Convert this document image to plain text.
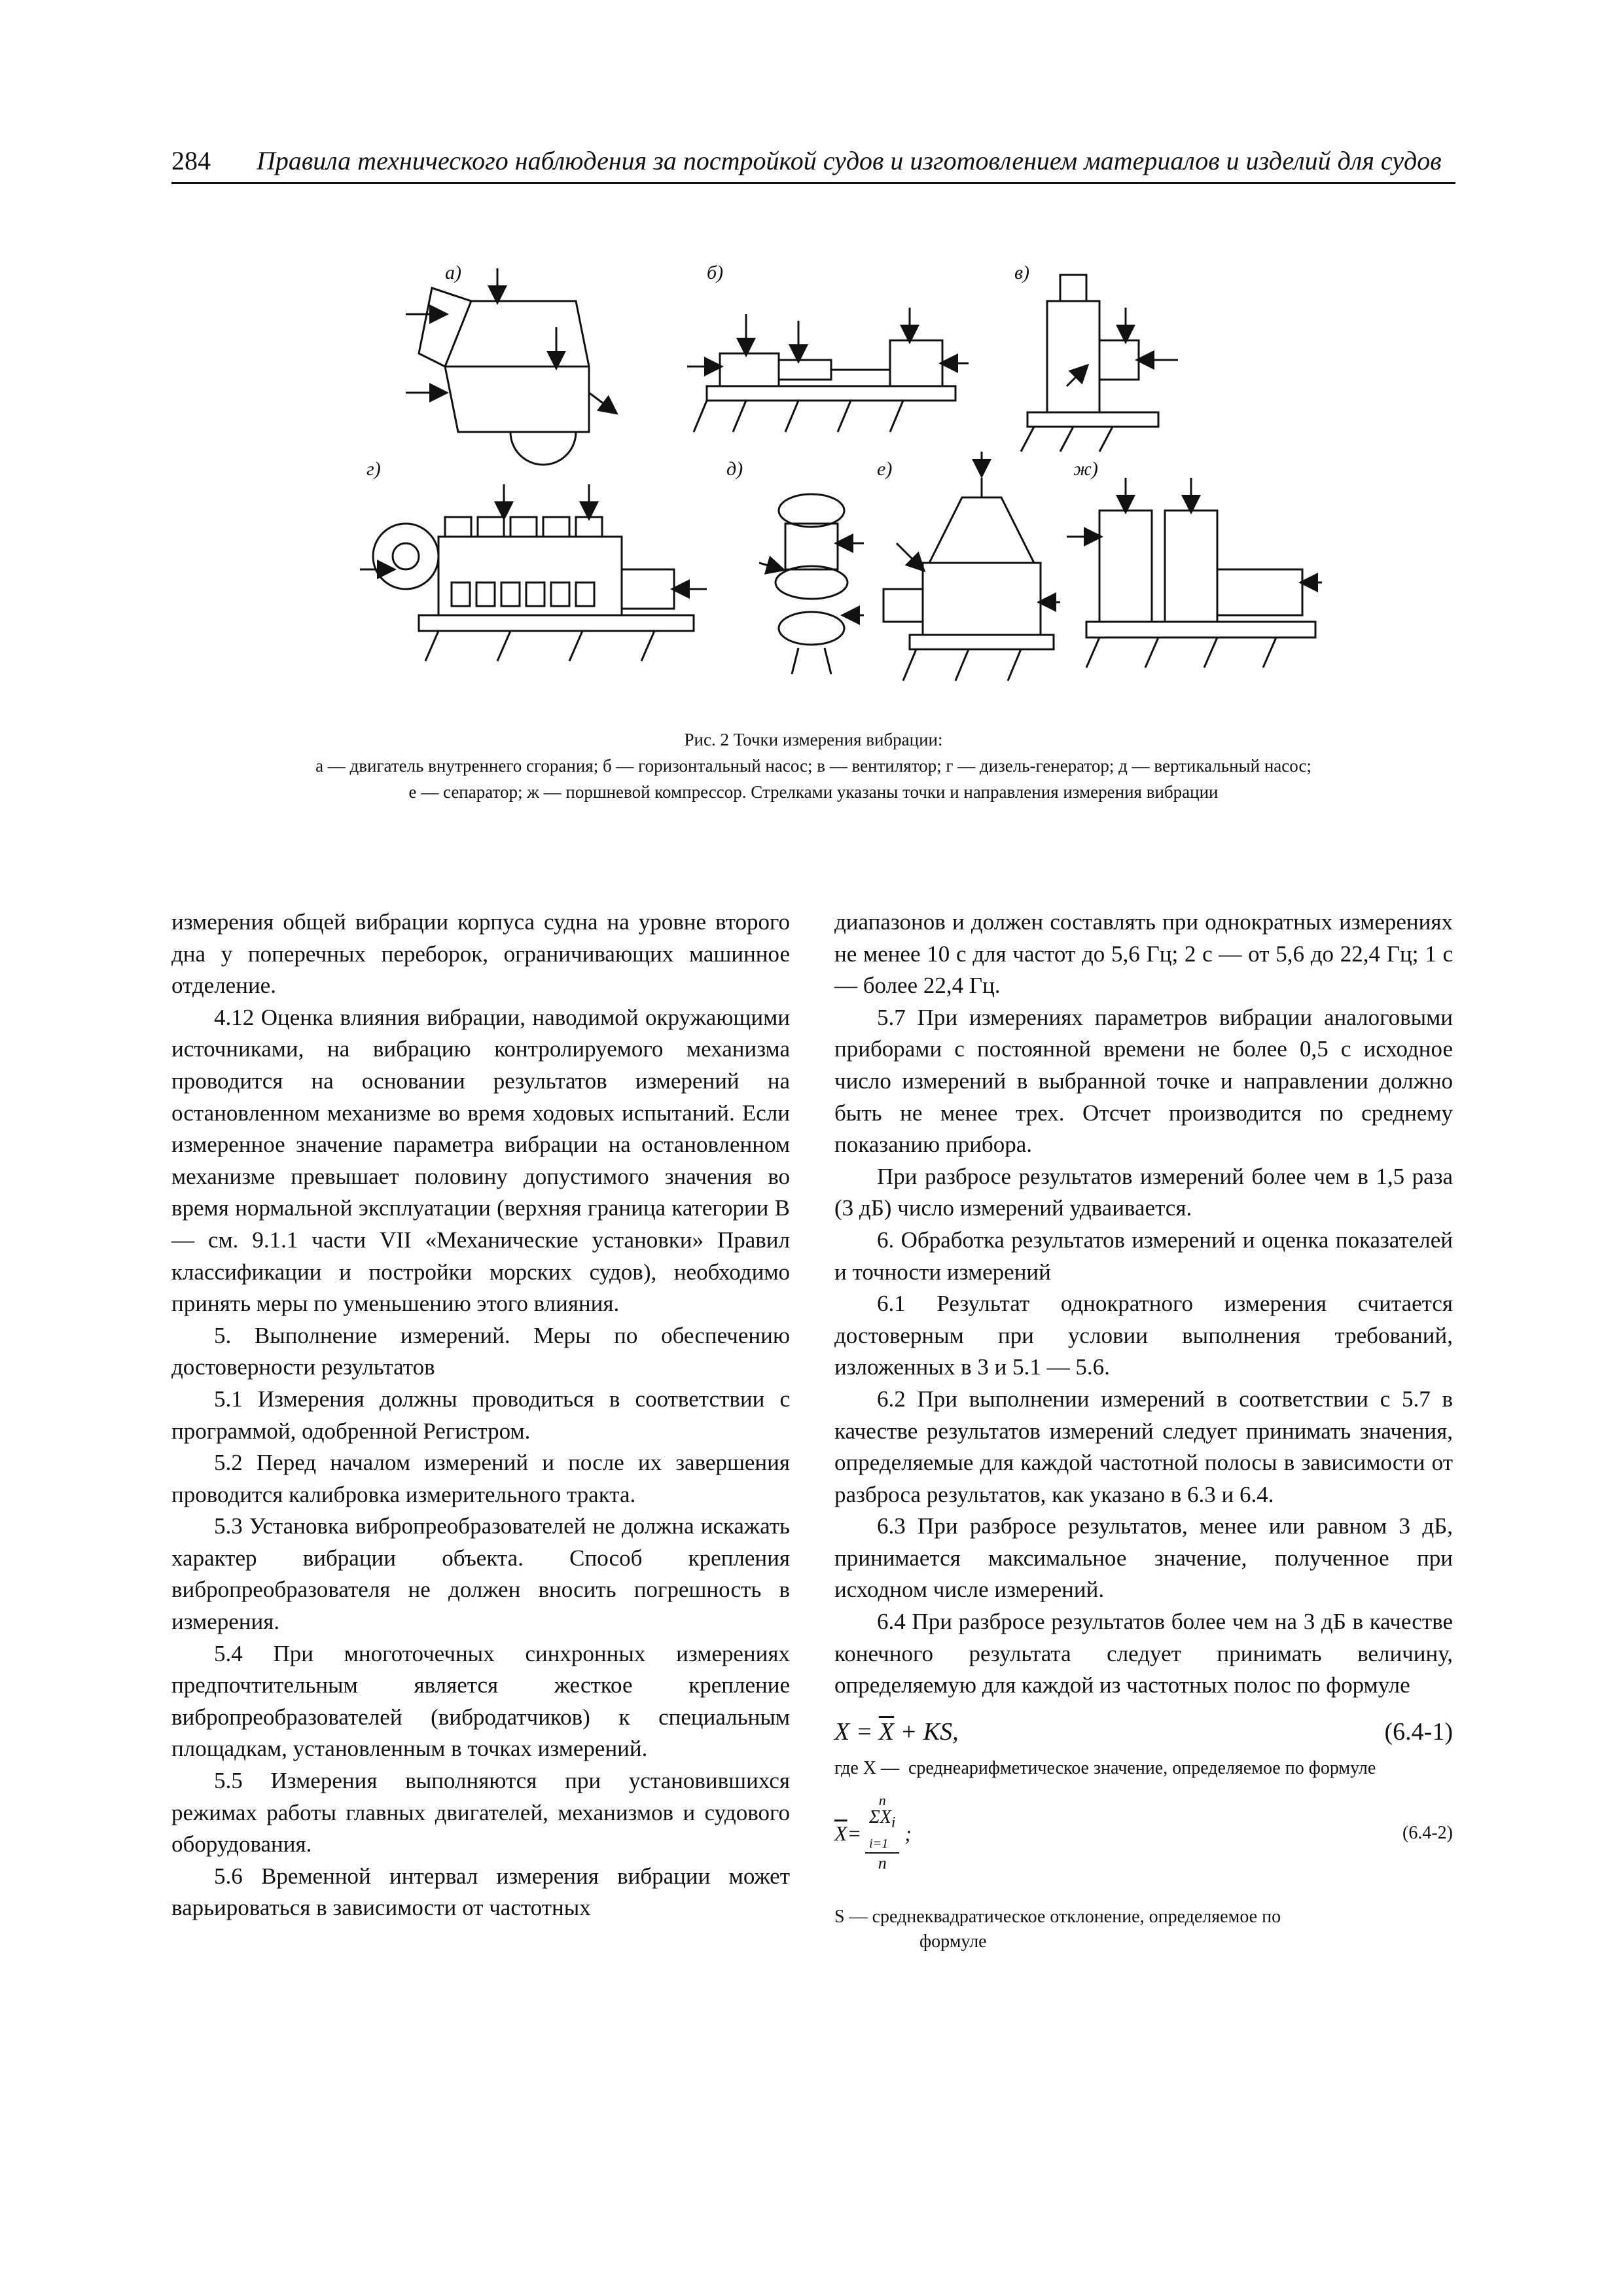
284 Правила технического наблюдения за постройкой судов и изготовлением материалов и изделий для судов
а)	б)	в)
г)	д)	е)	ж)

Рис. 2 Точки измерения вибрации:

а — двигатель внутреннего сгорания; б — горизонтальный насос; в — вентилятор; г — дизель-генератор; д — вертикальный насос;

е — сепаратор; ж — поршневой компрессор. Стрелками указаны точки и направления измерения вибрации

измерения общей вибрации корпуса судна на уровне второго дна у поперечных переборок, ограничивающих машинное отделение.

4.12 Оценка влияния вибрации, наводимой окружающими источниками, на вибрацию контролируемого механизма проводится на основании результатов измерений на остановленном механизме во время ходовых испытаний. Если измеренное значение параметра вибрации на остановленном механизме превышает половину допустимого значения во время нормальной эксплуатации (верхняя граница категории В — см. 9.1.1 части VII «Механические установки» Правил классификации и постройки морских судов), необходимо принять меры по уменьшению этого влияния.

5. Выполнение измерений. Меры по обеспечению достоверности результатов

5.1 Измерения должны проводиться в соответствии с программой, одобренной Регистром.

5.2 Перед началом измерений и после их завершения проводится калибровка измерительного тракта.

5.3 Установка вибропреобразователей не должна искажать характер вибрации объекта. Способ крепления вибропреобразователя не должен вносить погрешность в измерения.

5.4 При многоточечных синхронных измерениях предпочтительным является жесткое крепление вибропреобразователей (вибродатчиков) к специальным площадкам, установленным в точках измерений.

5.5 Измерения выполняются при установившихся режимах работы главных двигателей, механизмов и судового оборудования.

5.6 Временной интервал измерения вибрации может варьироваться в зависимости от частотных

диапазонов и должен составлять при однократных измерениях не менее 10 с для частот до 5,6 Гц; 2 с — от 5,6 до 22,4 Гц; 1 с — более 22,4 Гц.

5.7 При измерениях параметров вибрации аналоговыми приборами с постоянной времени не более 0,5 с исходное число измерений в выбранной точке и направлении должно быть не менее трех. Отсчет производится по среднему показанию прибора.

При разбросе результатов измерений более чем в 1,5 раза (3 дБ) число измерений удваивается.

6. Обработка результатов измерений и оценка показателей и точности измерений

6.1 Результат однократного измерения считается достоверным при условии выполнения требований, изложенных в 3 и 5.1 — 5.6.

6.2 При выполнении измерений в соответствии с 5.7 в качестве результатов измерений следует принимать значения, определяемые для каждой частотной полосы в зависимости от разброса результатов, как указано в 6.3 и 6.4.

6.3 При разбросе результатов, менее или равном 3 дБ, принимается максимальное значение, полученное при исходном числе измерений.

6.4 При разбросе результатов более чем на 3 дБ в качестве конечного результата следует принимать величину, определяемую для каждой из частотных полос по формуле

$X = \overline{X}$ + KS,	(6.4-1)
где X — среднеарифметическое значение, определяемое по формуле
$\overline{X}$ =
n
$\Sigma X_i$
i=1
n
;	(6.4-2)
S — среднеквадратическое отклонение, определяемое по
формуле
